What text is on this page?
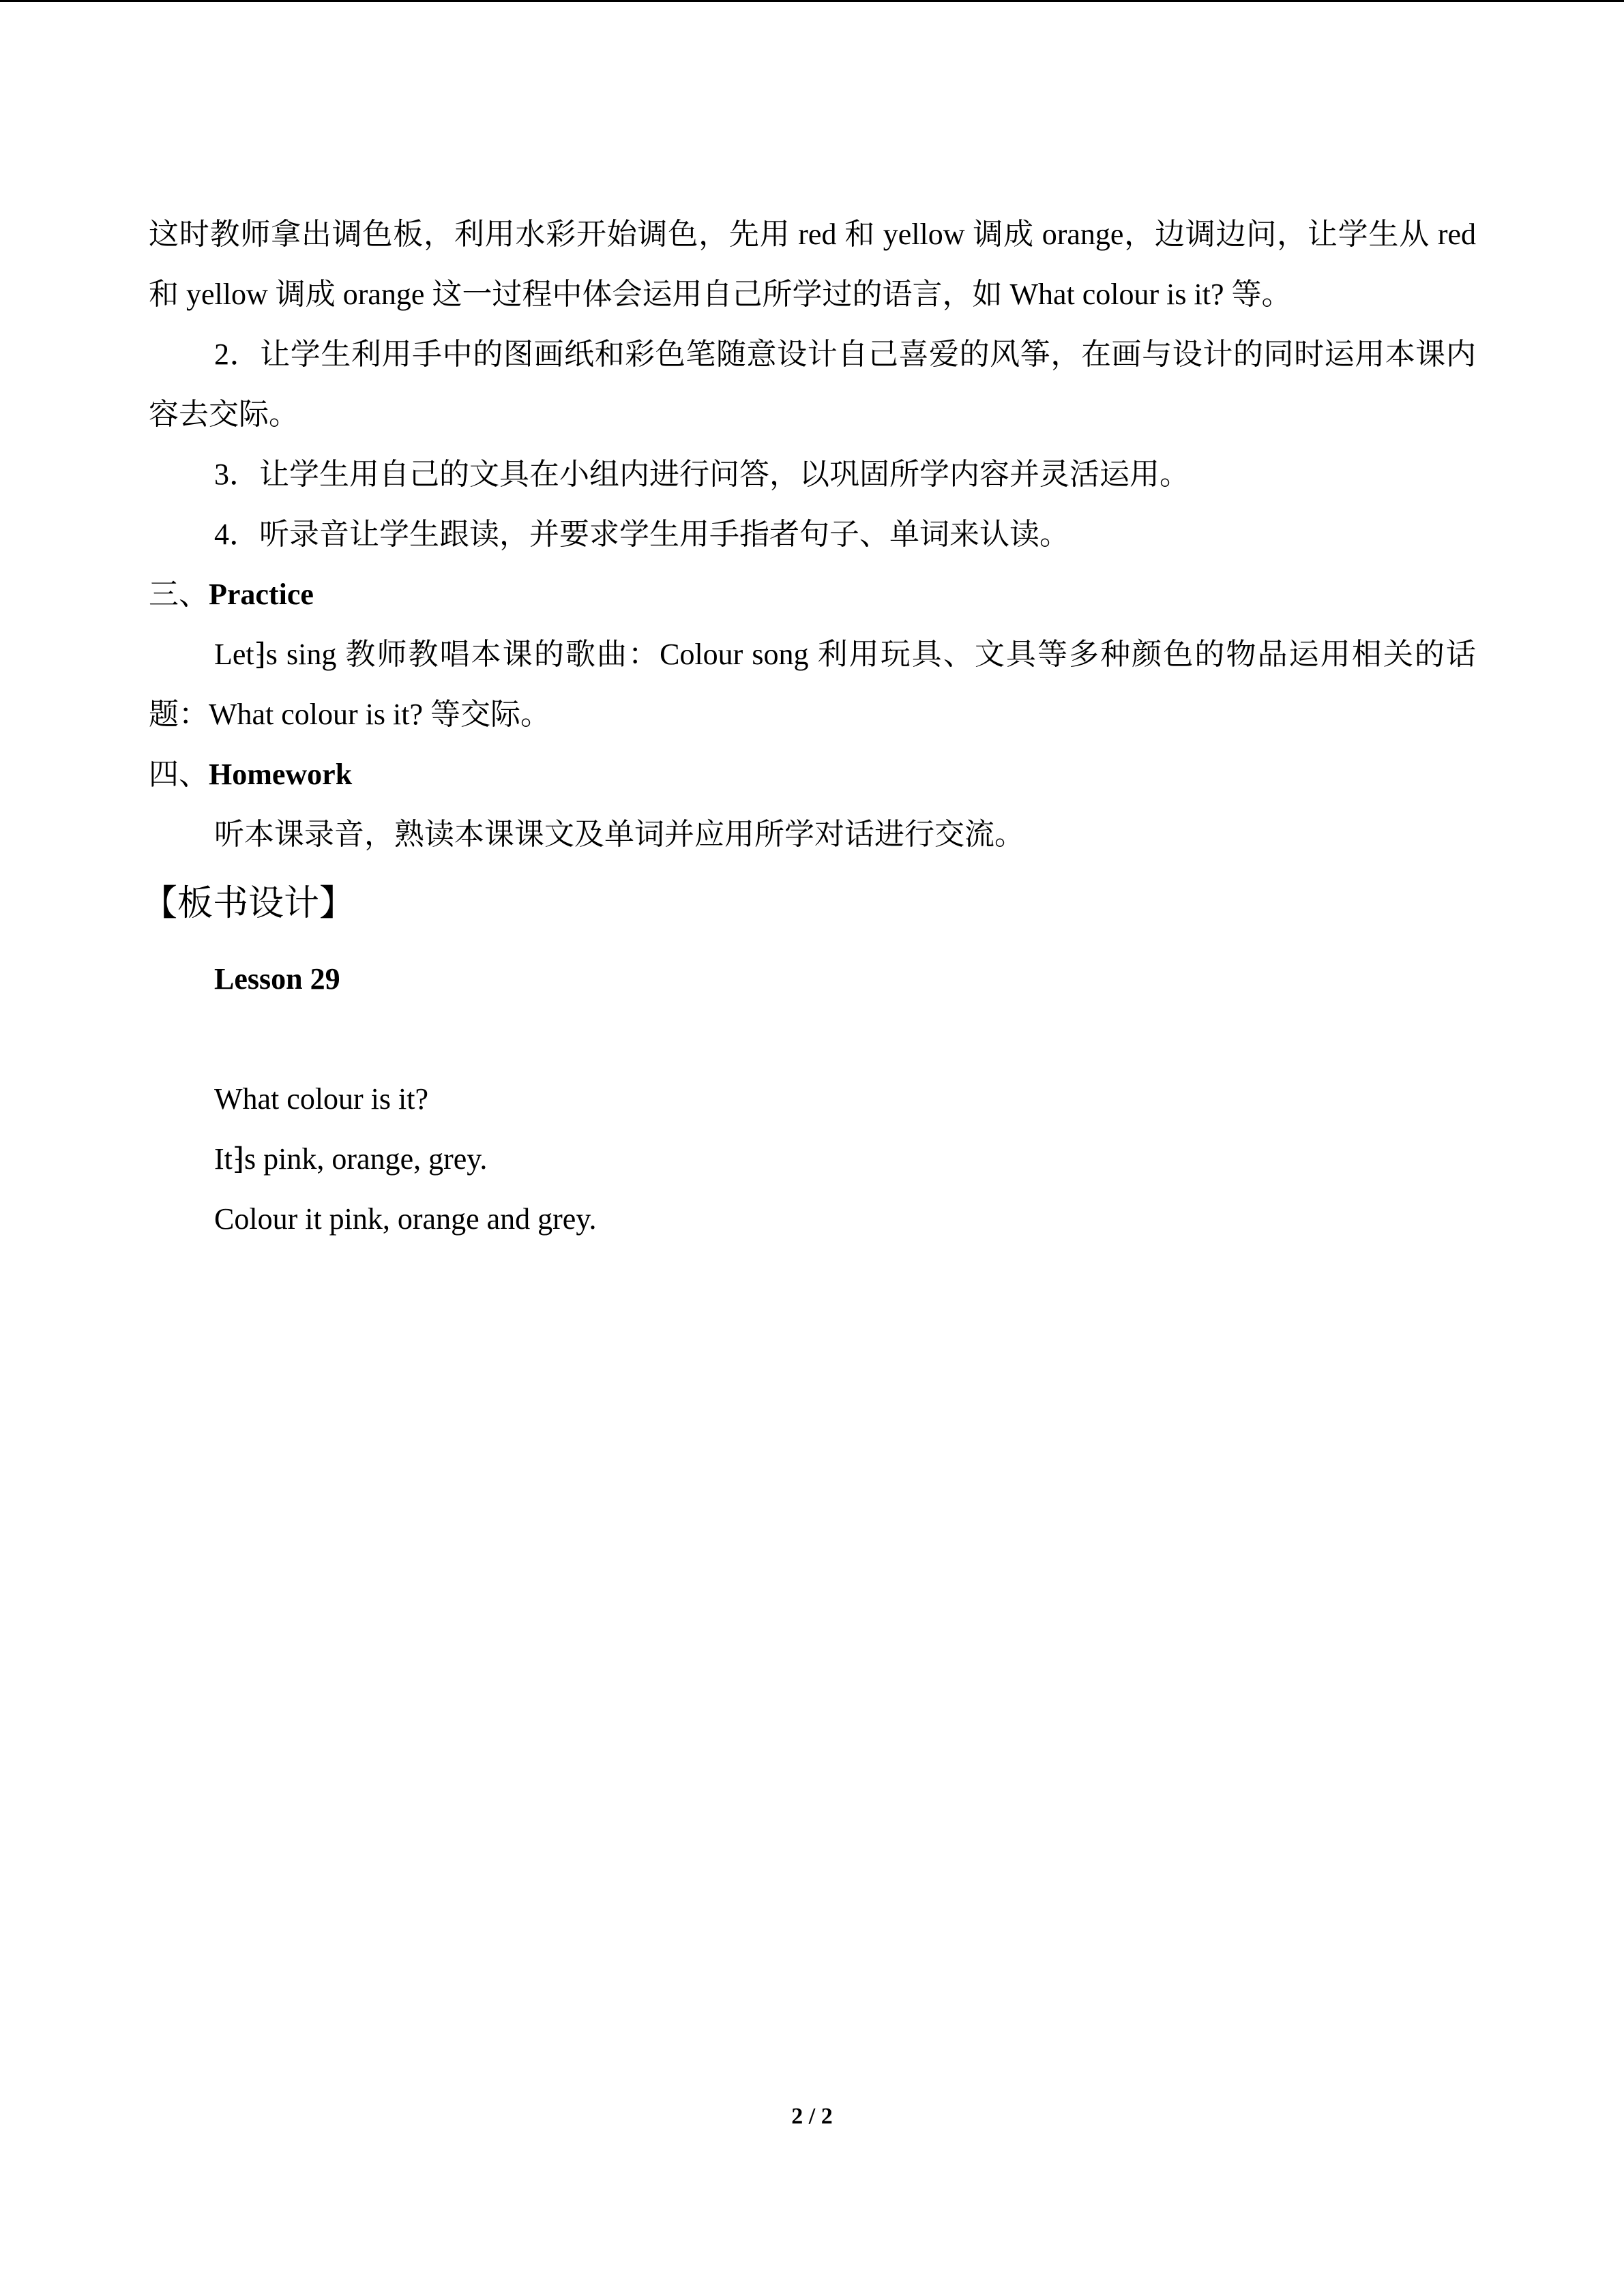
这时教师拿出调色板，利用水彩开始调色，先用 red 和 yellow 调成 orange，边调边问，让学生从 red 和 yellow 调成 orange 这一过程中体会运用自己所学过的语言，如 What colour is it? 等。

2．让学生利用手中的图画纸和彩色笔随意设计自己喜爱的风筝，在画与设计的同时运用本课内容去交际。

3．让学生用自己的文具在小组内进行问答，以巩固所学内容并灵活运用。

4．听录音让学生跟读，并要求学生用手指者句子、单词来认读。

三、Practice

Let⁆s sing 教师教唱本课的歌曲：Colour song 利用玩具、文具等多种颜色的物品运用相关的话题：What colour is it? 等交际。

四、Homework

听本课录音，熟读本课课文及单词并应用所学对话进行交流。

【板书设计】

Lesson 29

What colour is it?

It⁆s pink, orange, grey.

Colour it pink, orange and grey.

2 / 2
